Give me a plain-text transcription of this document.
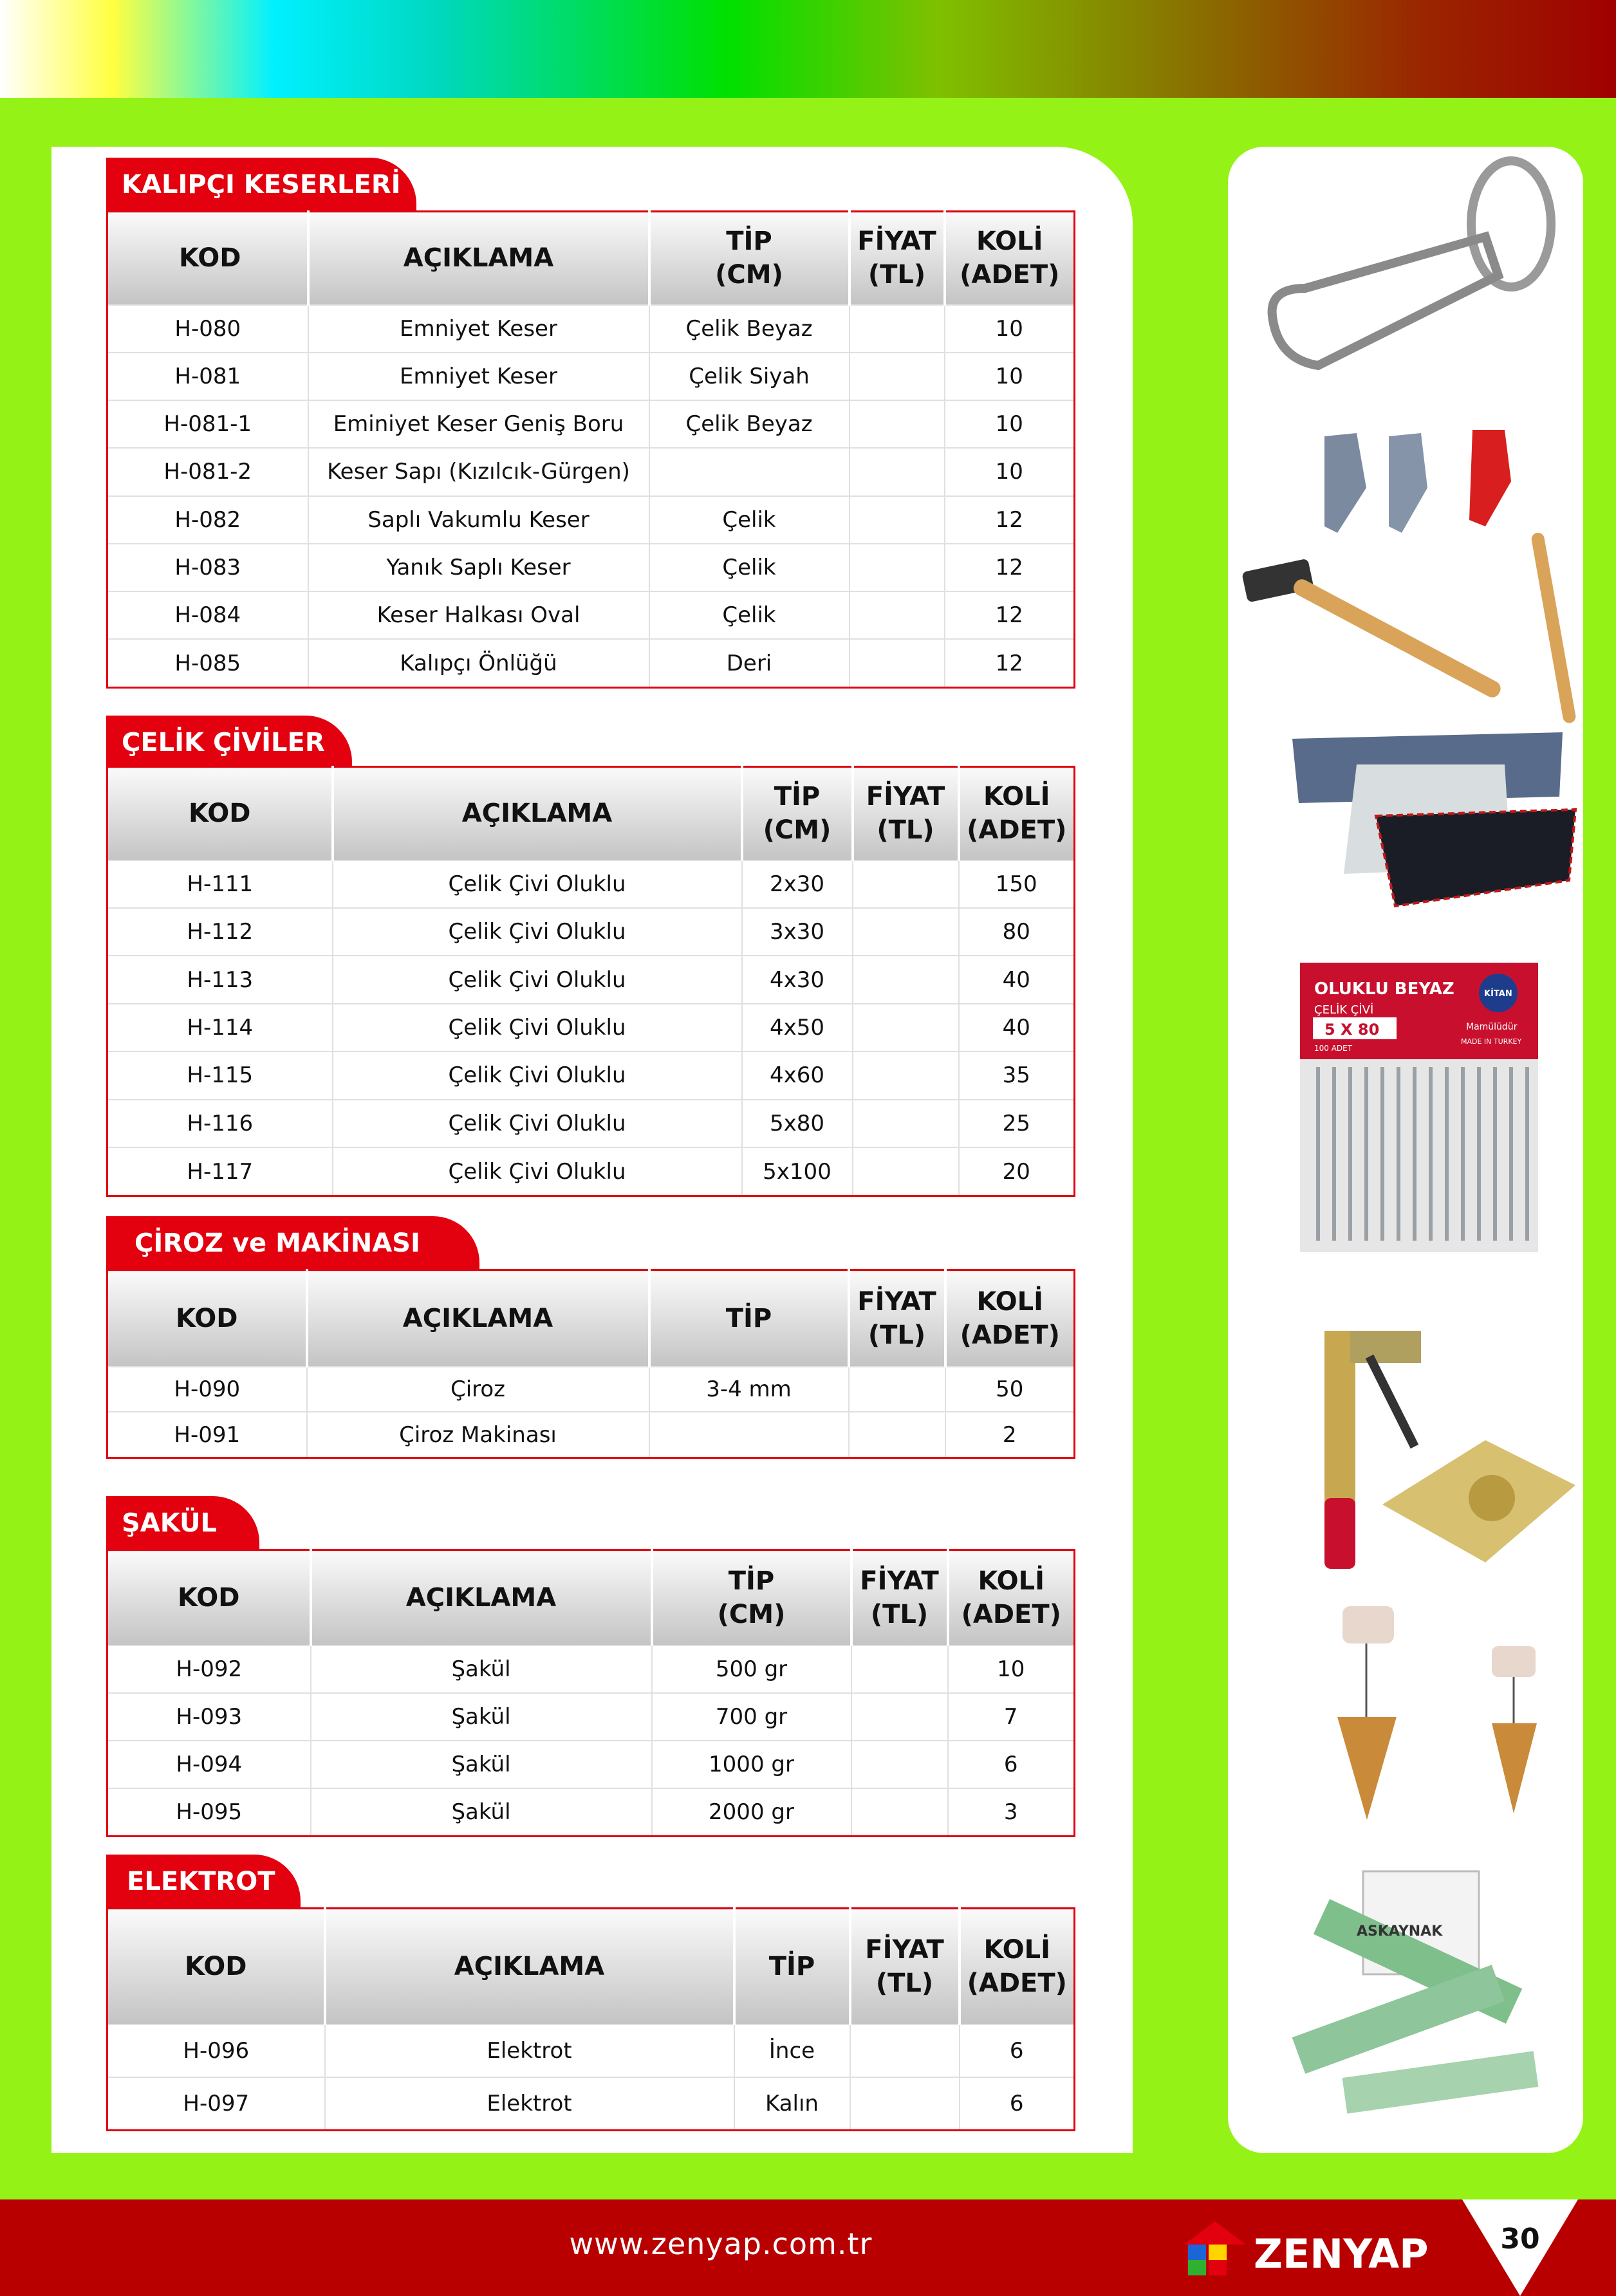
KALIPÇI KESERLERİ
KOD	AÇIKLAMA	TİP (CM)	FİYAT (TL)	KOLİ (ADET)
H-080	Emniyet Keser	Çelik Beyaz		10
H-081	Emniyet Keser	Çelik Siyah		10
H-081-1	Eminiyet Keser Geniş Boru	Çelik Beyaz		10
H-081-2	Keser Sapı (Kızılcık-Gürgen)			10
H-082	Saplı Vakumlu Keser	Çelik		12
H-083	Yanık Saplı Keser	Çelik		12
H-084	Keser Halkası Oval	Çelik		12
H-085	Kalıpçı Önlüğü	Deri		12
ÇELİK ÇİVİLER
KOD	AÇIKLAMA	TİP (CM)	FİYAT (TL)	KOLİ (ADET)
H-111	Çelik Çivi Oluklu	2x30		150
H-112	Çelik Çivi Oluklu	3x30		80
H-113	Çelik Çivi Oluklu	4x30		40
H-114	Çelik Çivi Oluklu	4x50		40
H-115	Çelik Çivi Oluklu	4x60		35
H-116	Çelik Çivi Oluklu	5x80		25
H-117	Çelik Çivi Oluklu	5x100		20
ÇİROZ ve MAKİNASI
KOD	AÇIKLAMA	TİP	FİYAT (TL)	KOLİ (ADET)
H-090	Çiroz	3-4 mm		50
H-091	Çiroz Makinası			2
ŞAKÜL
KOD	AÇIKLAMA	TİP (CM)	FİYAT (TL)	KOLİ (ADET)
H-092	Şakül	500 gr		10
H-093	Şakül	700 gr		7
H-094	Şakül	1000 gr		6
H-095	Şakül	2000 gr		3
ELEKTROT
KOD	AÇIKLAMA	TİP	FİYAT (TL)	KOLİ (ADET)
H-096	Elektrot	İnce		6
H-097	Elektrot	Kalın		6
OLUKLU BEYAZ
ÇELİK ÇİVİ
5 X 80
100 ADET
KİTAN
Mamülüdür
MADE IN TURKEY
ASKAYNAK
www.zenyap.com.tr	ZENYAP	30
